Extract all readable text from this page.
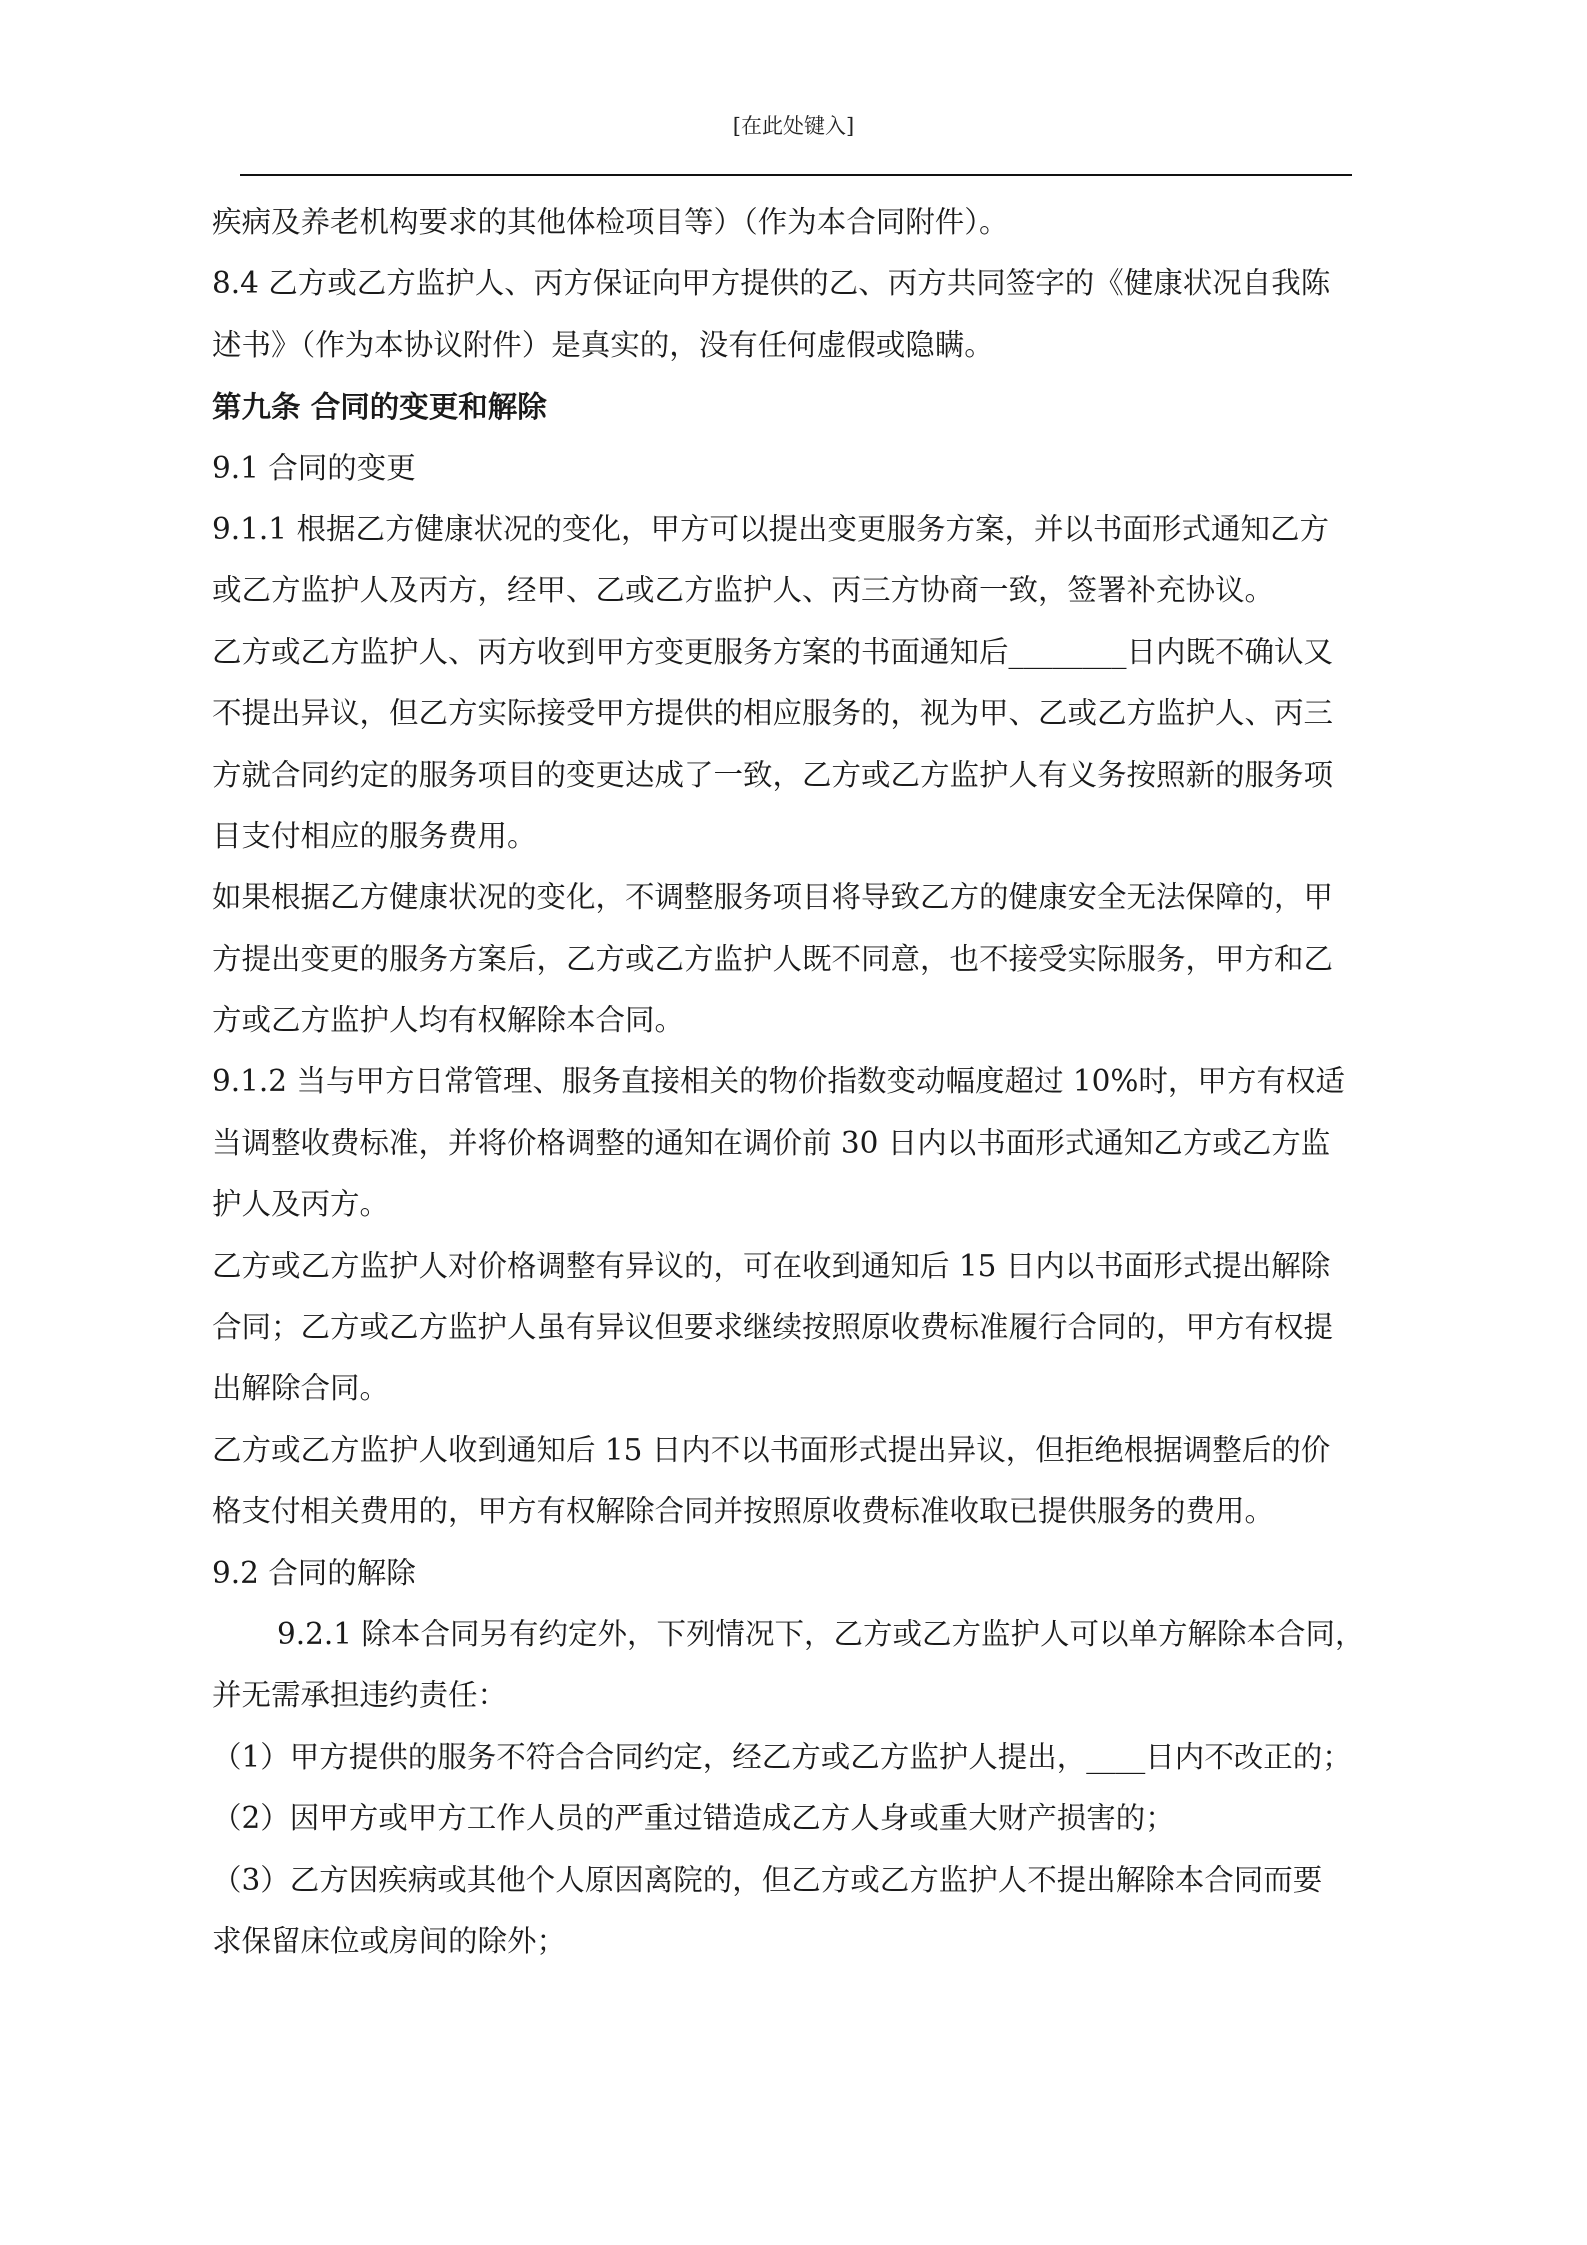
[在此处键入]
疾病及养老机构要求的其他体检项目等）（作为本合同附件）。
8.4 乙方或乙方监护人、丙方保证向甲方提供的乙、丙方共同签字的《健康状况自我陈
述书》（作为本协议附件）是真实的，没有任何虚假或隐瞒。
第九条 合同的变更和解除
9.1 合同的变更
9.1.1 根据乙方健康状况的变化，甲方可以提出变更服务方案，并以书面形式通知乙方
或乙方监护人及丙方，经甲、乙或乙方监护人、丙三方协商一致，签署补充协议。
乙方或乙方监护人、丙方收到甲方变更服务方案的书面通知后________日内既不确认又
不提出异议，但乙方实际接受甲方提供的相应服务的，视为甲、乙或乙方监护人、丙三
方就合同约定的服务项目的变更达成了一致，乙方或乙方监护人有义务按照新的服务项
目支付相应的服务费用。
如果根据乙方健康状况的变化，不调整服务项目将导致乙方的健康安全无法保障的，甲
方提出变更的服务方案后，乙方或乙方监护人既不同意，也不接受实际服务，甲方和乙
方或乙方监护人均有权解除本合同。
9.1.2 当与甲方日常管理、服务直接相关的物价指数变动幅度超过 10%时，甲方有权适
当调整收费标准，并将价格调整的通知在调价前 30 日内以书面形式通知乙方或乙方监
护人及丙方。
乙方或乙方监护人对价格调整有异议的，可在收到通知后 15 日内以书面形式提出解除
合同；乙方或乙方监护人虽有异议但要求继续按照原收费标准履行合同的，甲方有权提
出解除合同。
乙方或乙方监护人收到通知后 15 日内不以书面形式提出异议，但拒绝根据调整后的价
格支付相关费用的，甲方有权解除合同并按照原收费标准收取已提供服务的费用。
9.2 合同的解除
9.2.1 除本合同另有约定外，下列情况下，乙方或乙方监护人可以单方解除本合同，
并无需承担违约责任：
（1）甲方提供的服务不符合合同约定，经乙方或乙方监护人提出，____日内不改正的；
（2）因甲方或甲方工作人员的严重过错造成乙方人身或重大财产损害的；
（3）乙方因疾病或其他个人原因离院的，但乙方或乙方监护人不提出解除本合同而要
求保留床位或房间的除外；
